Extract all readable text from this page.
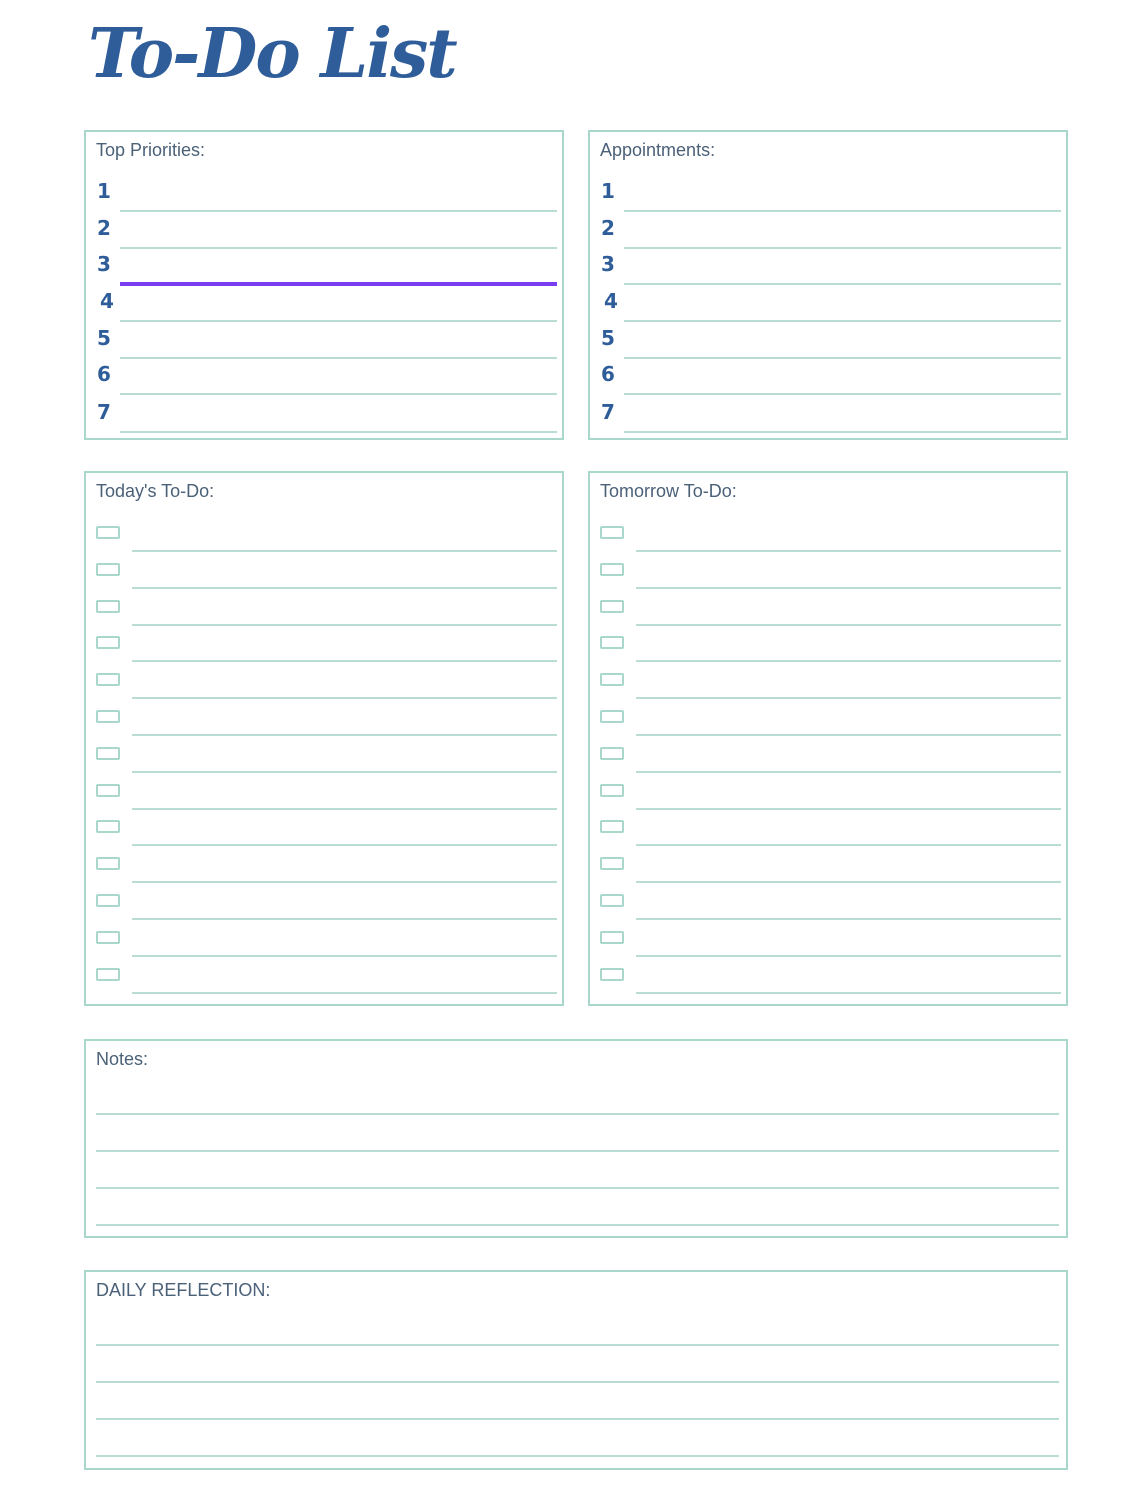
To-Do List

Top Priorities:

1
2
3
4
5
6
7

Appointments:

1
2
3
4
5
6
7

Today's To-Do:	Tomorrow To-Do:

Notes:

DAILY REFLECTION:
